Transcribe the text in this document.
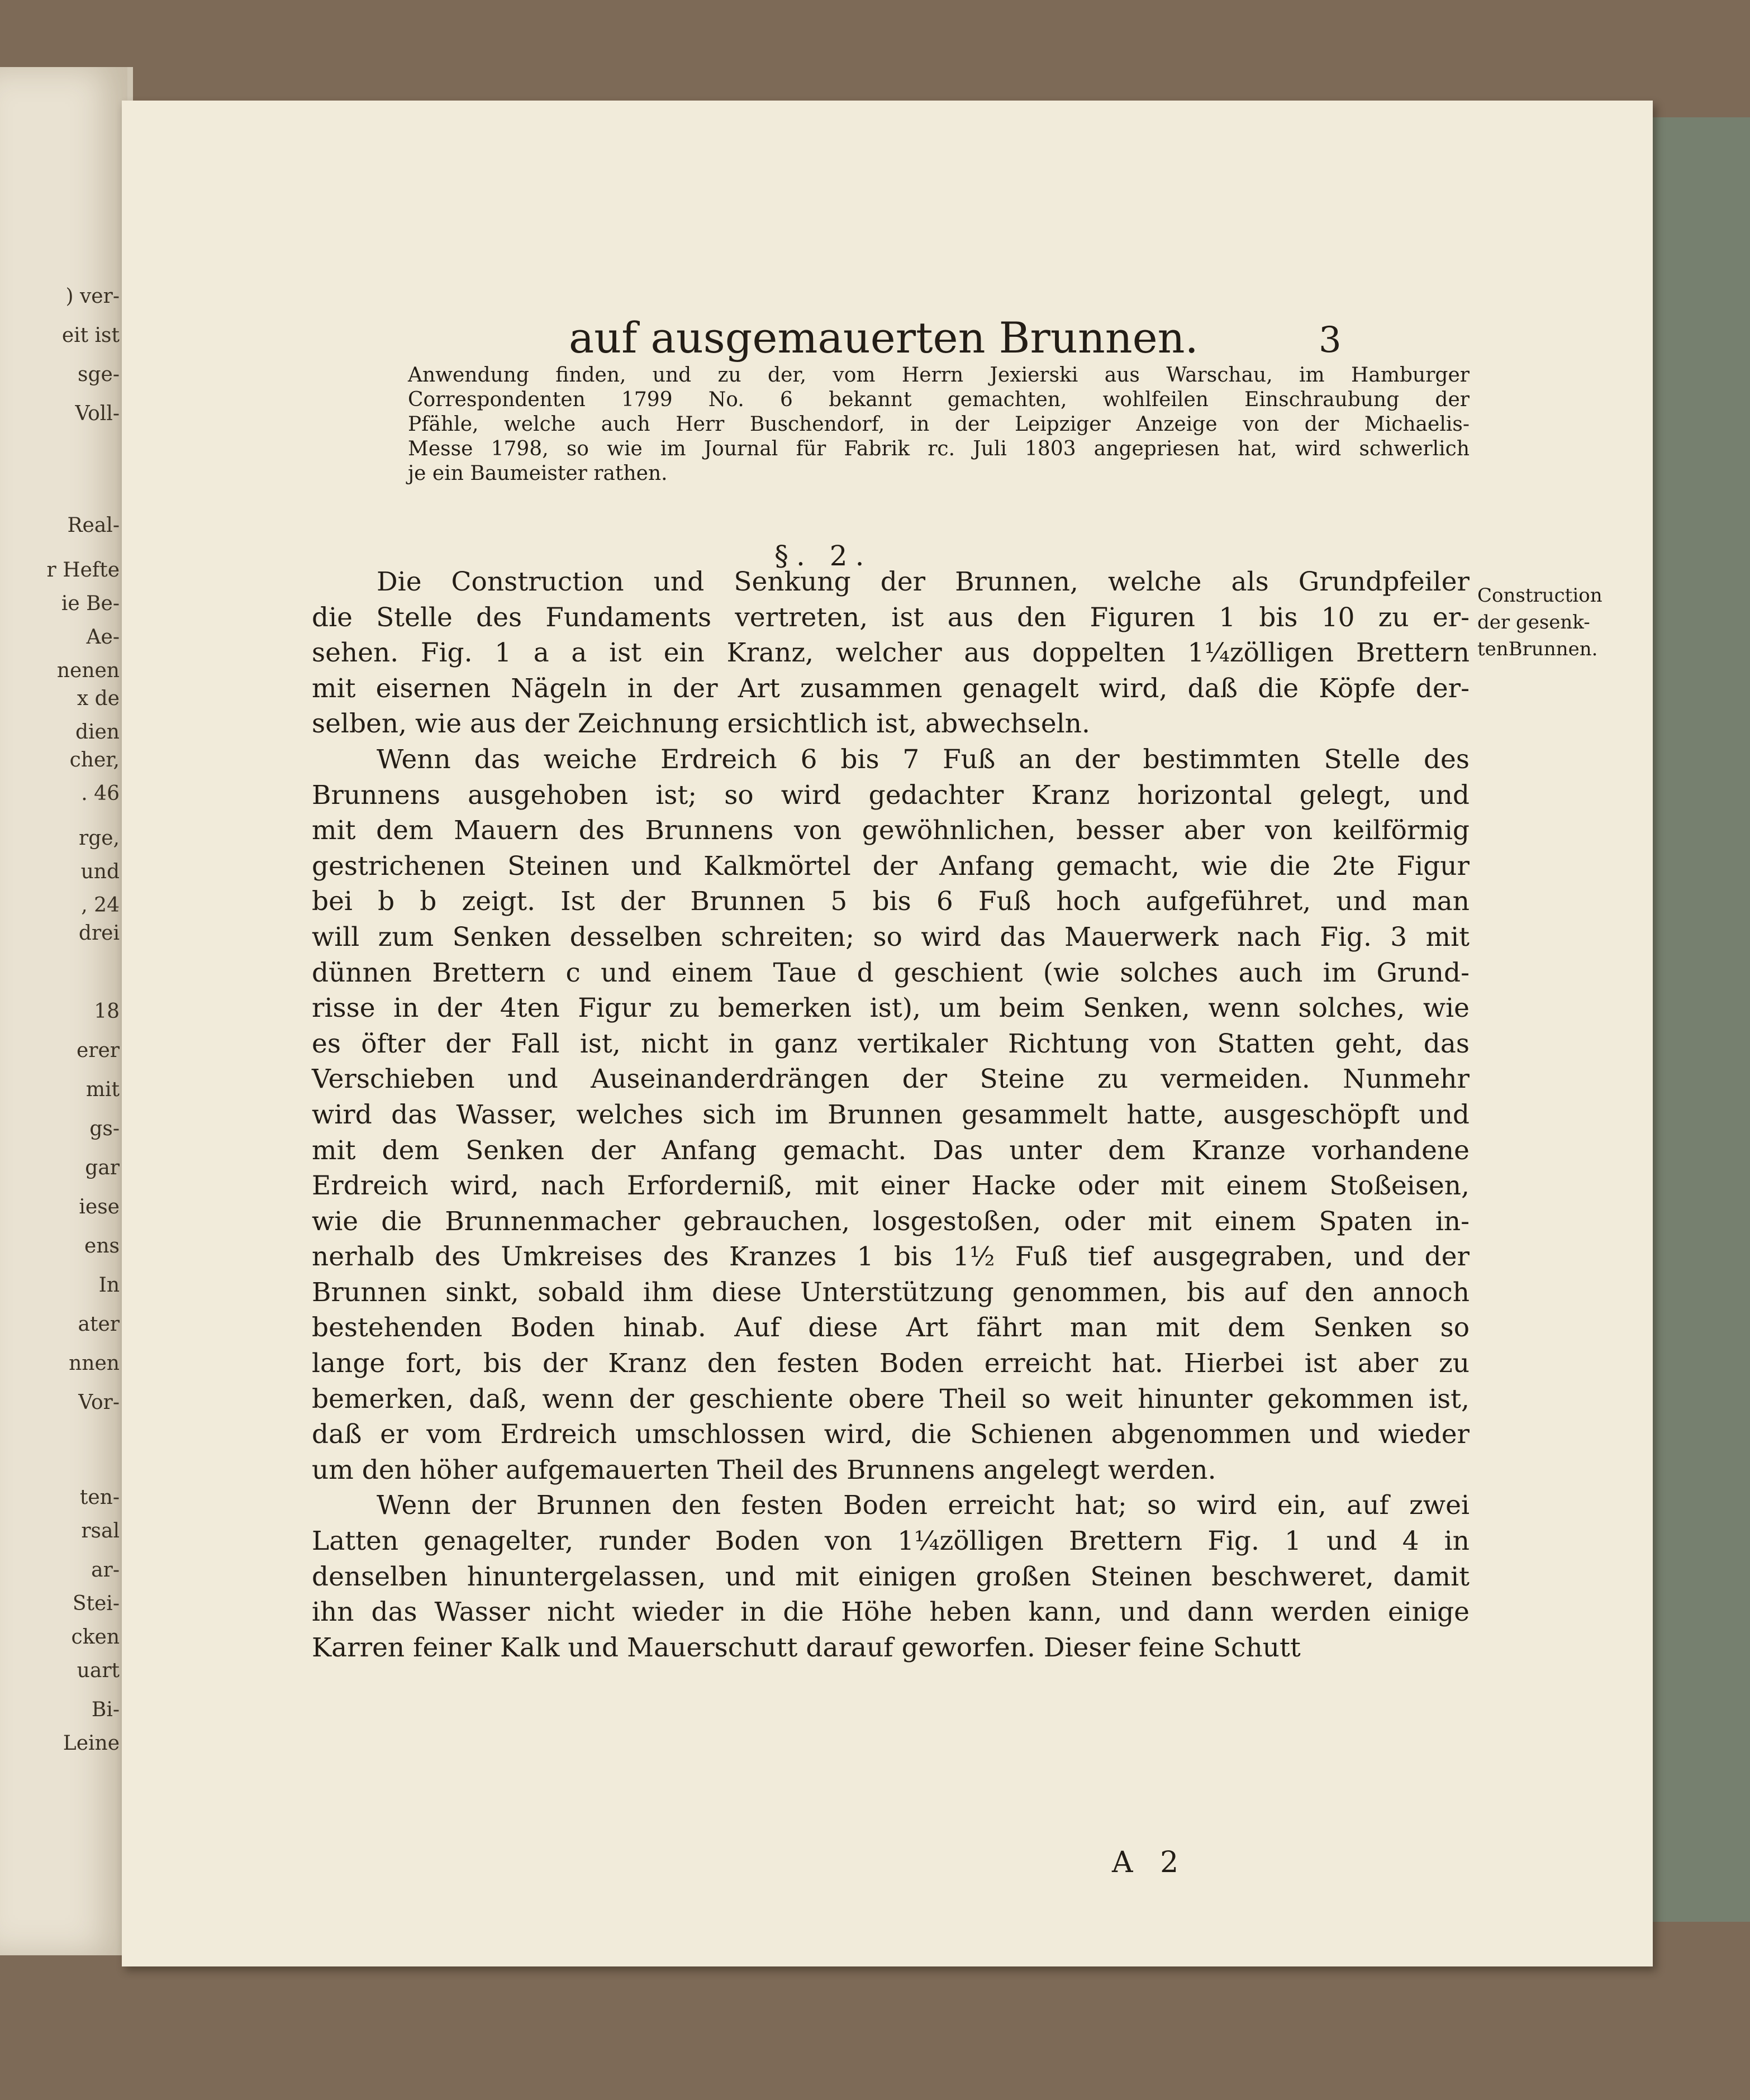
) ver-
eit ist
sge-
Voll-
Real-
r Hefte
ie Be-
Ae-
nenen
x de
dien
cher,
. 46
rge,
und
, 24
drei
18
erer
mit
gs-
gar
iese
ens
In
ater
nnen
Vor-
ten-
rsal
ar-
Stei-
cken
uart
Bi-
Leine
auf ausgemauerten Brunnen.	3
Anwendung finden, und zu der, vom Herrn Jexierski aus Warschau, im Hamburger
Correspondenten 1799 No. 6 bekannt gemachten, wohlfeilen Einschraubung der
Pfähle, welche auch Herr Buschendorf, in der Leipziger Anzeige von der Michaelis-
Messe 1798, so wie im Journal für Fabrik rc. Juli 1803 angepriesen hat, wird schwerlich
je ein Baumeister rathen.
§. 2.
Construction
der gesenk-
tenBrunnen.
Die Construction und Senkung der Brunnen, welche als Grundpfeiler
die Stelle des Fundaments vertreten, ist aus den Figuren 1 bis 10 zu er-
sehen. Fig. 1 a a ist ein Kranz, welcher aus doppelten 1¼zölligen Brettern
mit eisernen Nägeln in der Art zusammen genagelt wird, daß die Köpfe der-
selben, wie aus der Zeichnung ersichtlich ist, abwechseln.
Wenn das weiche Erdreich 6 bis 7 Fuß an der bestimmten Stelle des
Brunnens ausgehoben ist; so wird gedachter Kranz horizontal gelegt, und
mit dem Mauern des Brunnens von gewöhnlichen, besser aber von keilförmig
gestrichenen Steinen und Kalkmörtel der Anfang gemacht, wie die 2te Figur
bei b b zeigt. Ist der Brunnen 5 bis 6 Fuß hoch aufgeführet, und man
will zum Senken desselben schreiten; so wird das Mauerwerk nach Fig. 3 mit
dünnen Brettern c und einem Taue d geschient (wie solches auch im Grund-
risse in der 4ten Figur zu bemerken ist), um beim Senken, wenn solches, wie
es öfter der Fall ist, nicht in ganz vertikaler Richtung von Statten geht, das
Verschieben und Auseinanderdrängen der Steine zu vermeiden. Nunmehr
wird das Wasser, welches sich im Brunnen gesammelt hatte, ausgeschöpft und
mit dem Senken der Anfang gemacht. Das unter dem Kranze vorhandene
Erdreich wird, nach Erforderniß, mit einer Hacke oder mit einem Stoßeisen,
wie die Brunnenmacher gebrauchen, losgestoßen, oder mit einem Spaten in-
nerhalb des Umkreises des Kranzes 1 bis 1½ Fuß tief ausgegraben, und der
Brunnen sinkt, sobald ihm diese Unterstützung genommen, bis auf den annoch
bestehenden Boden hinab. Auf diese Art fährt man mit dem Senken so
lange fort, bis der Kranz den festen Boden erreicht hat. Hierbei ist aber zu
bemerken, daß, wenn der geschiente obere Theil so weit hinunter gekommen ist,
daß er vom Erdreich umschlossen wird, die Schienen abgenommen und wieder
um den höher aufgemauerten Theil des Brunnens angelegt werden.
Wenn der Brunnen den festen Boden erreicht hat; so wird ein, auf zwei
Latten genagelter, runder Boden von 1¼zölligen Brettern Fig. 1 und 4 in
denselben hinuntergelassen, und mit einigen großen Steinen beschweret, damit
ihn das Wasser nicht wieder in die Höhe heben kann, und dann werden einige
Karren feiner Kalk und Mauerschutt darauf geworfen. Dieser feine Schutt
A 2
